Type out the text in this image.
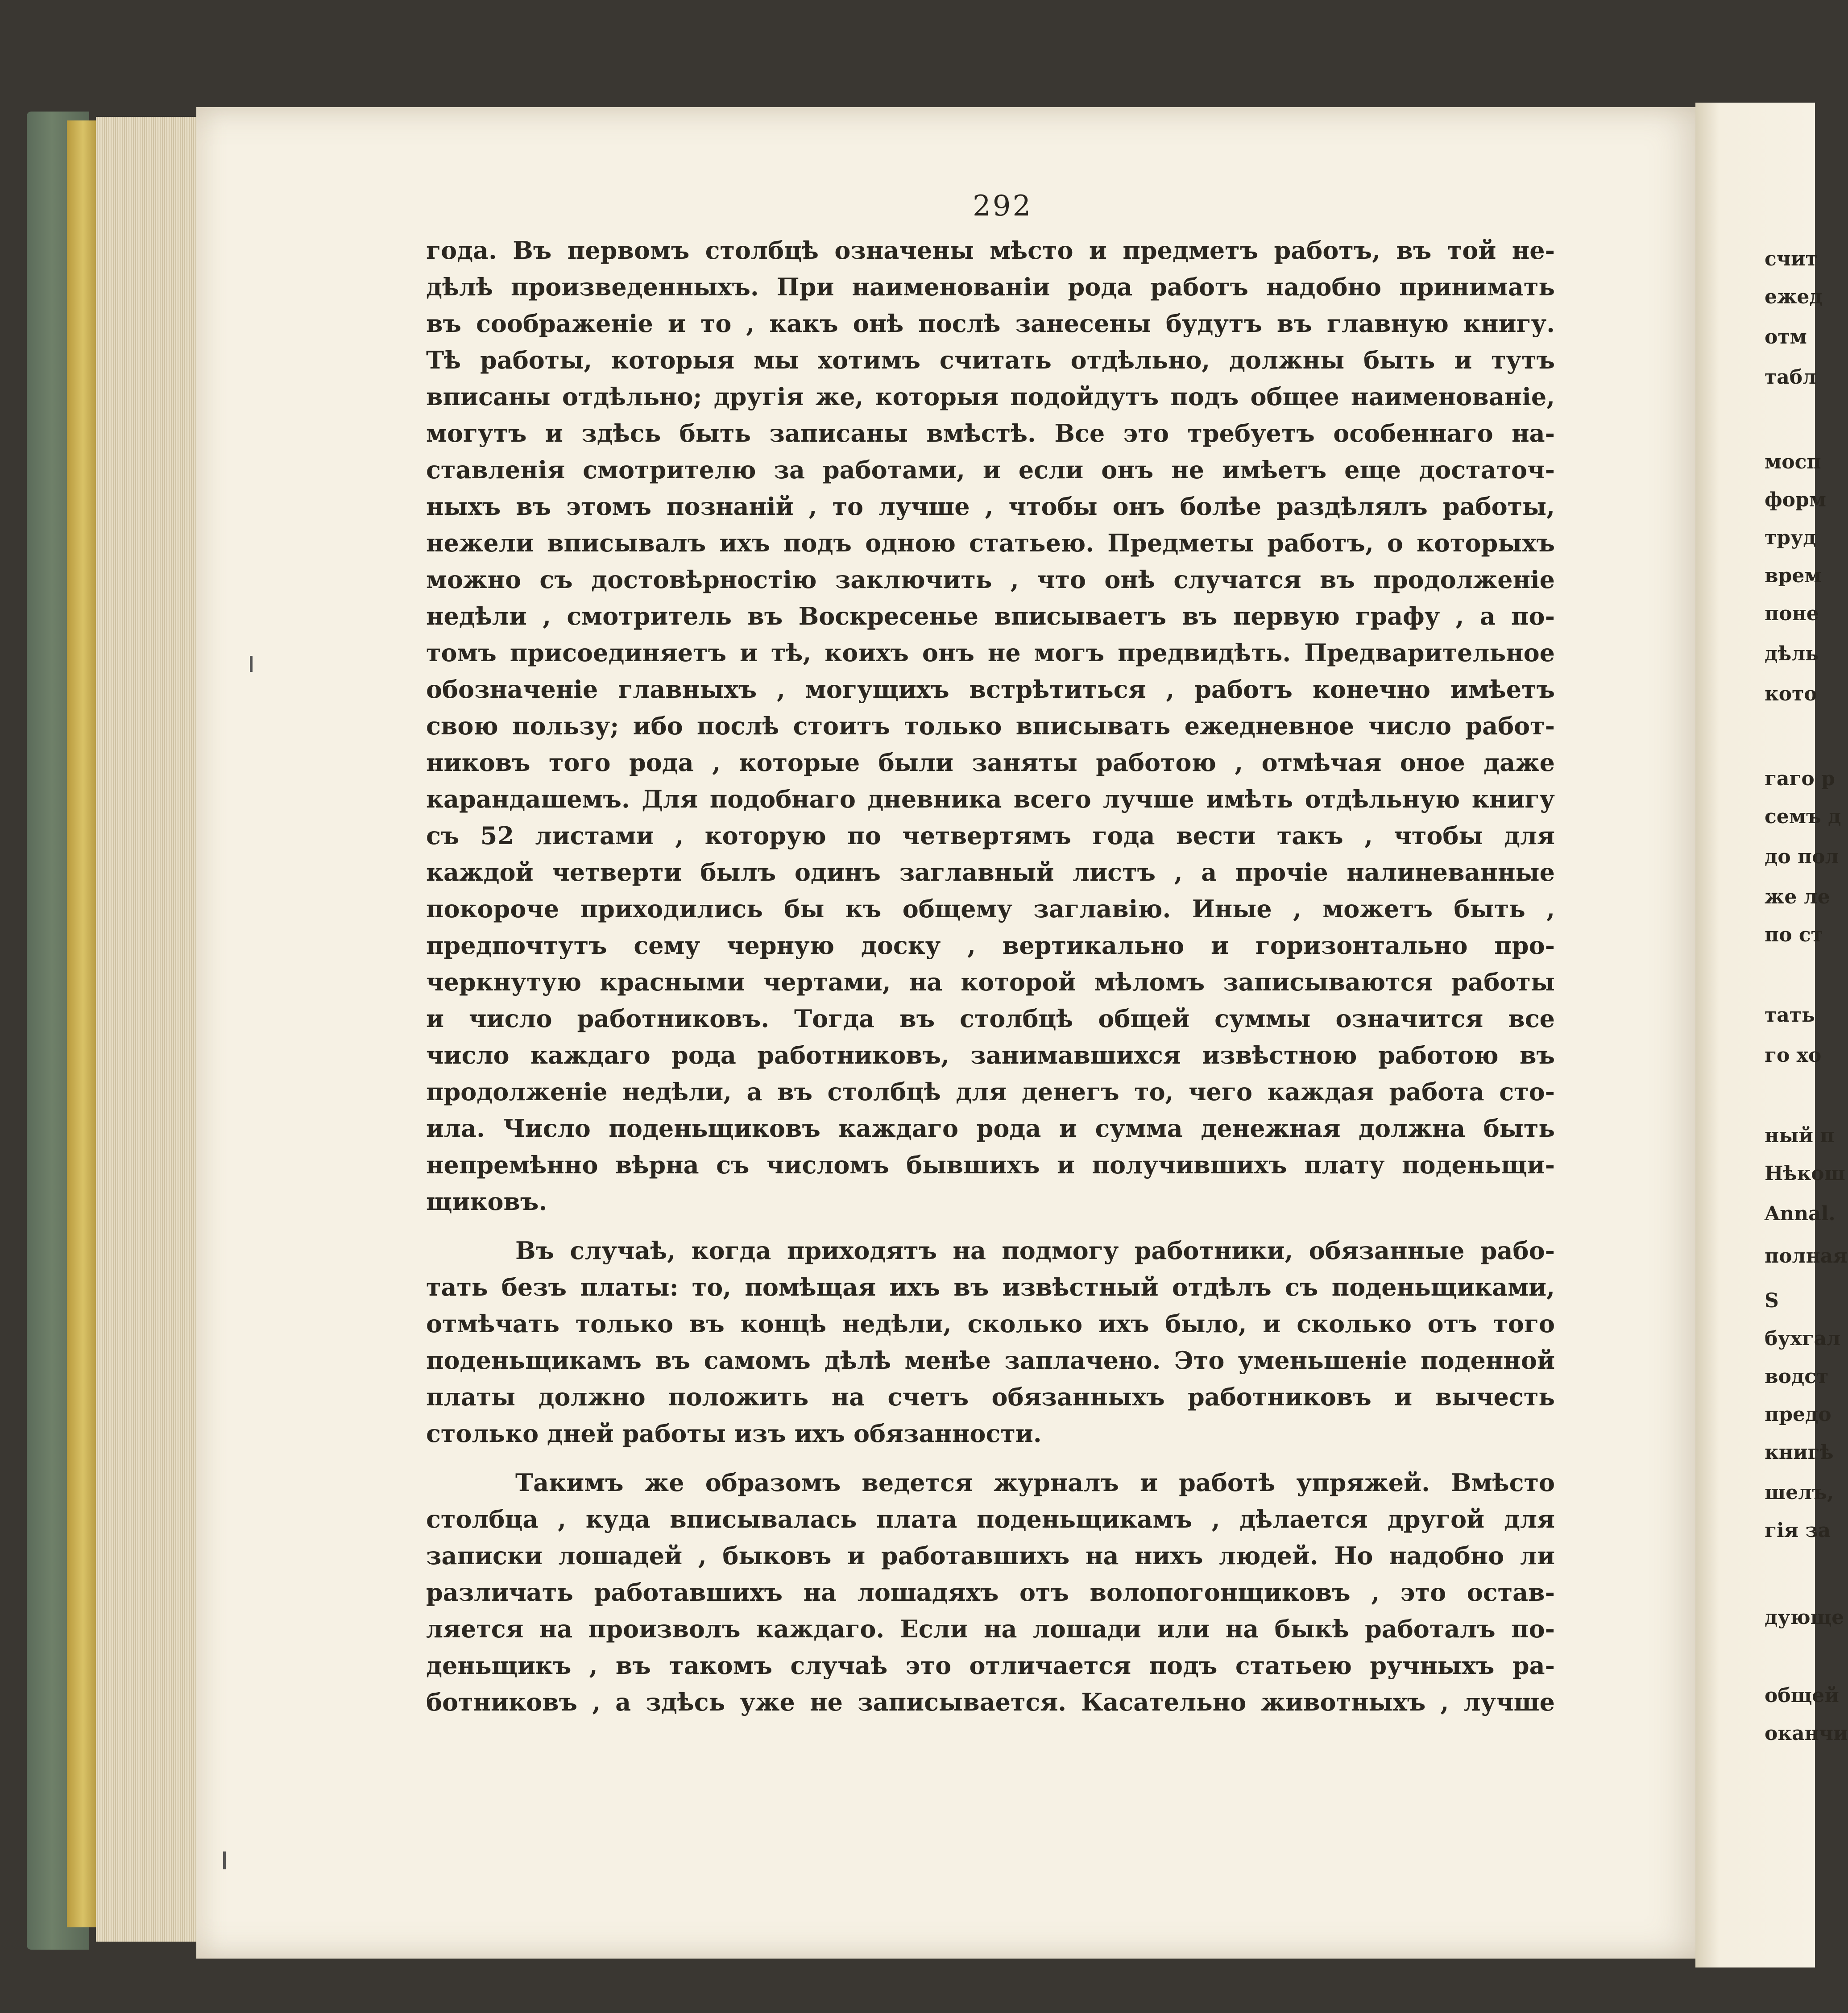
292
года. Въ первомъ столбцѣ означены мѣсто и предметъ работъ, въ той не-
дѣлѣ произведенныхъ. При наименованіи рода работъ надобно принимать
въ соображеніе и то , какъ онѣ послѣ занесены будутъ въ главную книгу.
Тѣ работы, которыя мы хотимъ считать отдѣльно, должны быть и тутъ
вписаны отдѣльно; другія же, которыя подойдутъ подъ общее наименованіе,
могутъ и здѣсь быть записаны вмѣстѣ. Все это требуетъ особеннаго на-
ставленія смотрителю за работами, и если онъ не имѣетъ еще достаточ-
ныхъ въ этомъ познаній , то лучше , чтобы онъ болѣе раздѣлялъ работы,
нежели вписывалъ ихъ подъ одною статьею. Предметы работъ, о которыхъ
можно съ достовѣрностію заключить , что онѣ случатся въ продолженіе
недѣли , смотритель въ Воскресенье вписываетъ въ первую графу , а по-
томъ присоединяетъ и тѣ, коихъ онъ не могъ предвидѣть. Предварительное
обозначеніе главныхъ , могущихъ встрѣтиться , работъ конечно имѣетъ
свою пользу; ибо послѣ стоитъ только вписывать ежедневное число работ-
никовъ того рода , которые были заняты работою , отмѣчая оное даже
карандашемъ. Для подобнаго дневника всего лучше имѣть отдѣльную книгу
съ 52 листами , которую по четвертямъ года вести такъ , чтобы для
каждой четверти былъ одинъ заглавный листъ , а прочіе налиневанные
покороче приходились бы къ общему заглавію. Иные , можетъ быть ,
предпочтутъ сему черную доску , вертикально и горизонтально про-
черкнутую красными чертами, на которой мѣломъ записываются работы
и число работниковъ. Тогда въ столбцѣ общей суммы означится все
число каждаго рода работниковъ, занимавшихся извѣстною работою въ
продолженіе недѣли, а въ столбцѣ для денегъ то, чего каждая работа сто-
ила. Число поденьщиковъ каждаго рода и сумма денежная должна быть
непремѣнно вѣрна съ числомъ бывшихъ и получившихъ плату поденьщи-
щиковъ.
Въ случаѣ, когда приходятъ на подмогу работники, обязанные рабо-
тать безъ платы: то, помѣщая ихъ въ извѣстный отдѣлъ съ поденьщиками,
отмѣчать только въ концѣ недѣли, сколько ихъ было, и сколько отъ того
поденьщикамъ въ самомъ дѣлѣ менѣе заплачено. Это уменьшеніе поденной
платы должно положить на счетъ обязанныхъ работниковъ и вычесть
столько дней работы изъ ихъ обязанности.
Такимъ же образомъ ведется журналъ и работѣ упряжей. Вмѣсто
столбца , куда вписывалась плата поденьщикамъ , дѣлается другой для
записки лошадей , быковъ и работавшихъ на нихъ людей. Но надобно ли
различать работавшихъ на лошадяхъ отъ волопогонщиковъ , это остав-
ляется на произволъ каждаго. Если на лошади или на быкѣ работалъ по-
деньщикъ , въ такомъ случаѣ это отличается подъ статьею ручныхъ ра-
ботниковъ , а здѣсь уже не записывается. Касательно животныхъ , лучше
счит
ежед
отм
табл
мосп
форм
труд
врем
поне
дѣль
кото
гаго р
семъ д
до пол
же ле
по ст
тать
го хо
ный п
Нѣкош
Annal.
полная
S
бухгал
водст
предо
книгѣ
шелъ,
гія за
дующе
общей
оканчи
